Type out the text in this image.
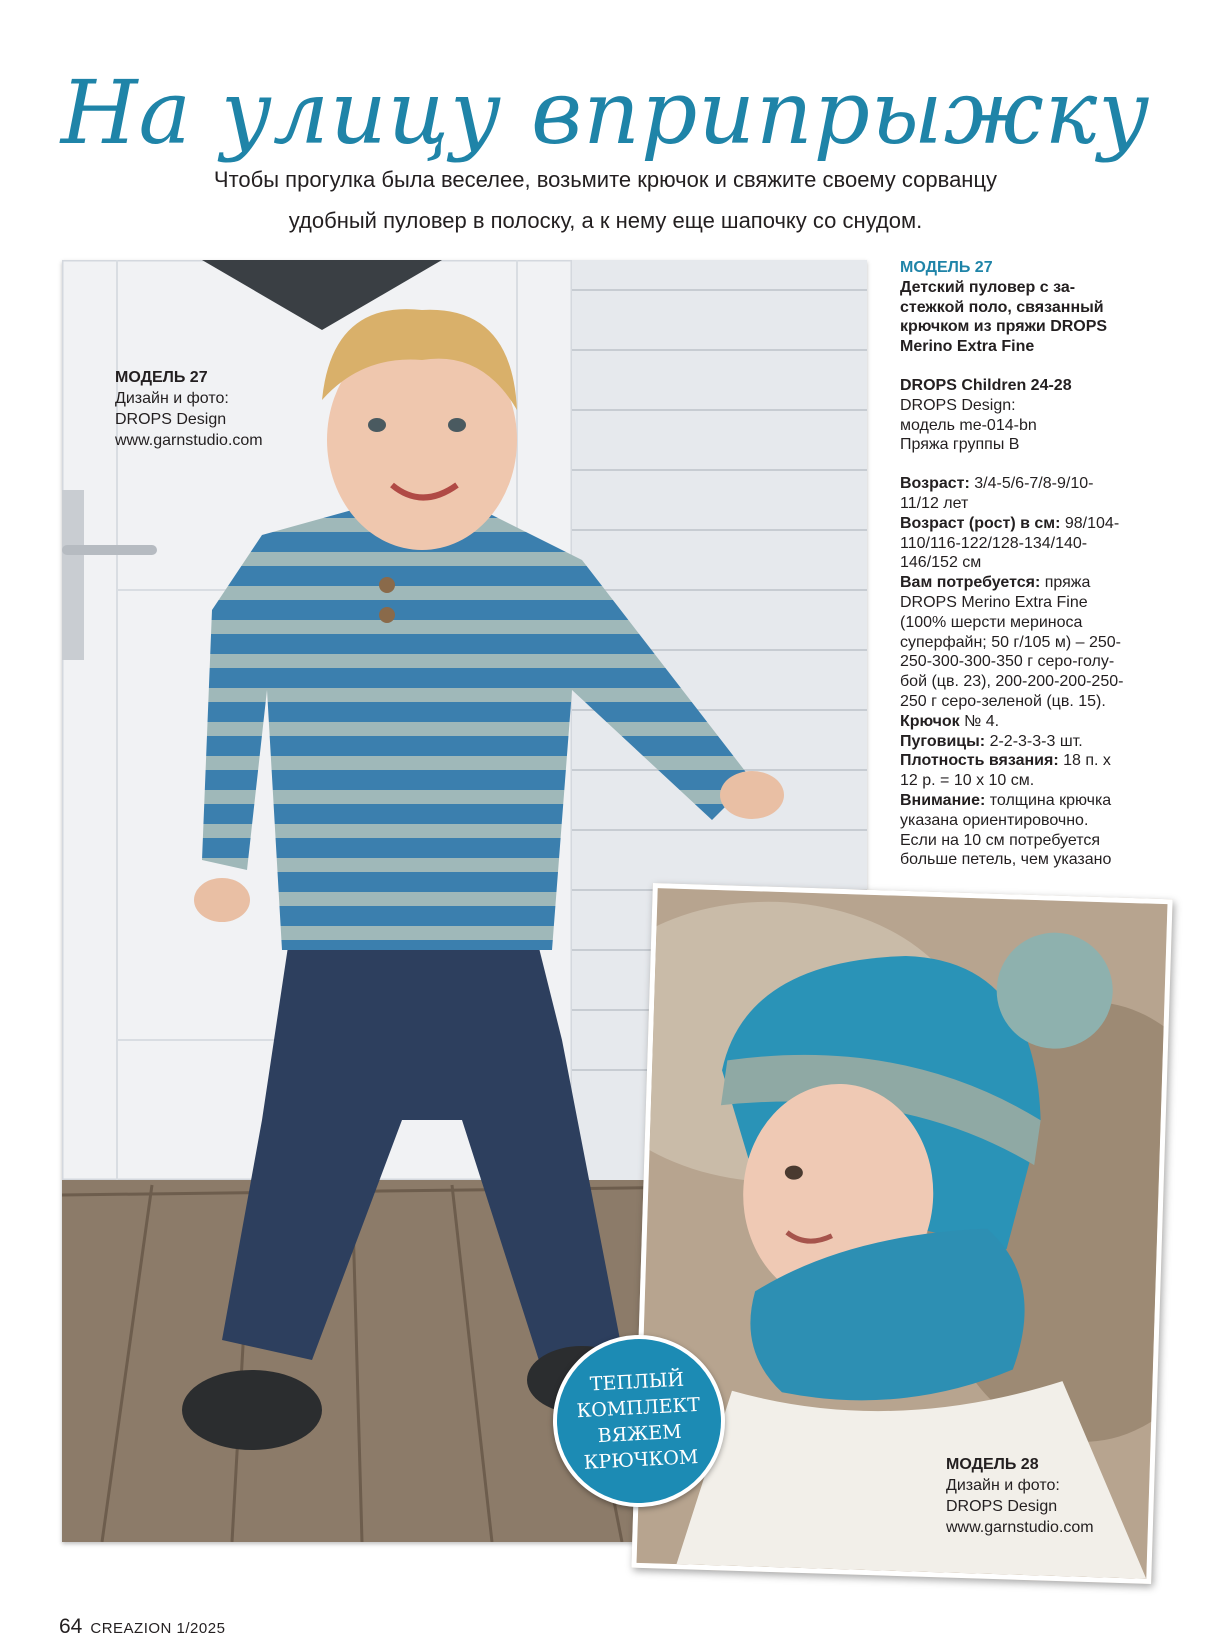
На улицу вприпрыжку

Чтобы прогулка была веселее, возьмите крючок и свяжите своему сорванцу

удобный пуловер в полоску, а к нему еще шапочку со снудом.

МОДЕЛЬ 27
Дизайн и фото:
DROPS Design
www.garnstudio.com
МОДЕЛЬ 27
Детский пуловер с за-
стежкой поло, связанный
крючком из пряжи DROPS
Merino Extra Fine
DROPS Children 24-28
DROPS Design:
модель me-014-bn
Пряжа группы B
Возраст: 3/4-5/6-7/8-9/10-
11/12 лет
Возраст (рост) в см: 98/104-
110/116-122/128-134/140-
146/152 см
Вам потребуется: пряжа
DROPS Merino Extra Fine
(100% шерсти мериноса
суперфайн; 50 г/105 м) – 250-
250-300-300-350 г серо-голу-
бой (цв. 23), 200-200-200-250-
250 г серо-зеленой (цв. 15).
Крючок № 4.
Пуговицы: 2-2-3-3-3 шт.
Плотность вязания: 18 п. х
12 р. = 10 х 10 см.
Внимание: толщина крючка
указана ориентировочно.
Если на 10 см потребуется
больше петель, чем указано
МОДЕЛЬ 28
Дизайн и фото:
DROPS Design
www.garnstudio.com
ТЕПЛЫЙ
КОМПЛЕКТ
ВЯЖЕМ
КРЮЧКОМ
64 CREAZION 1/2025
